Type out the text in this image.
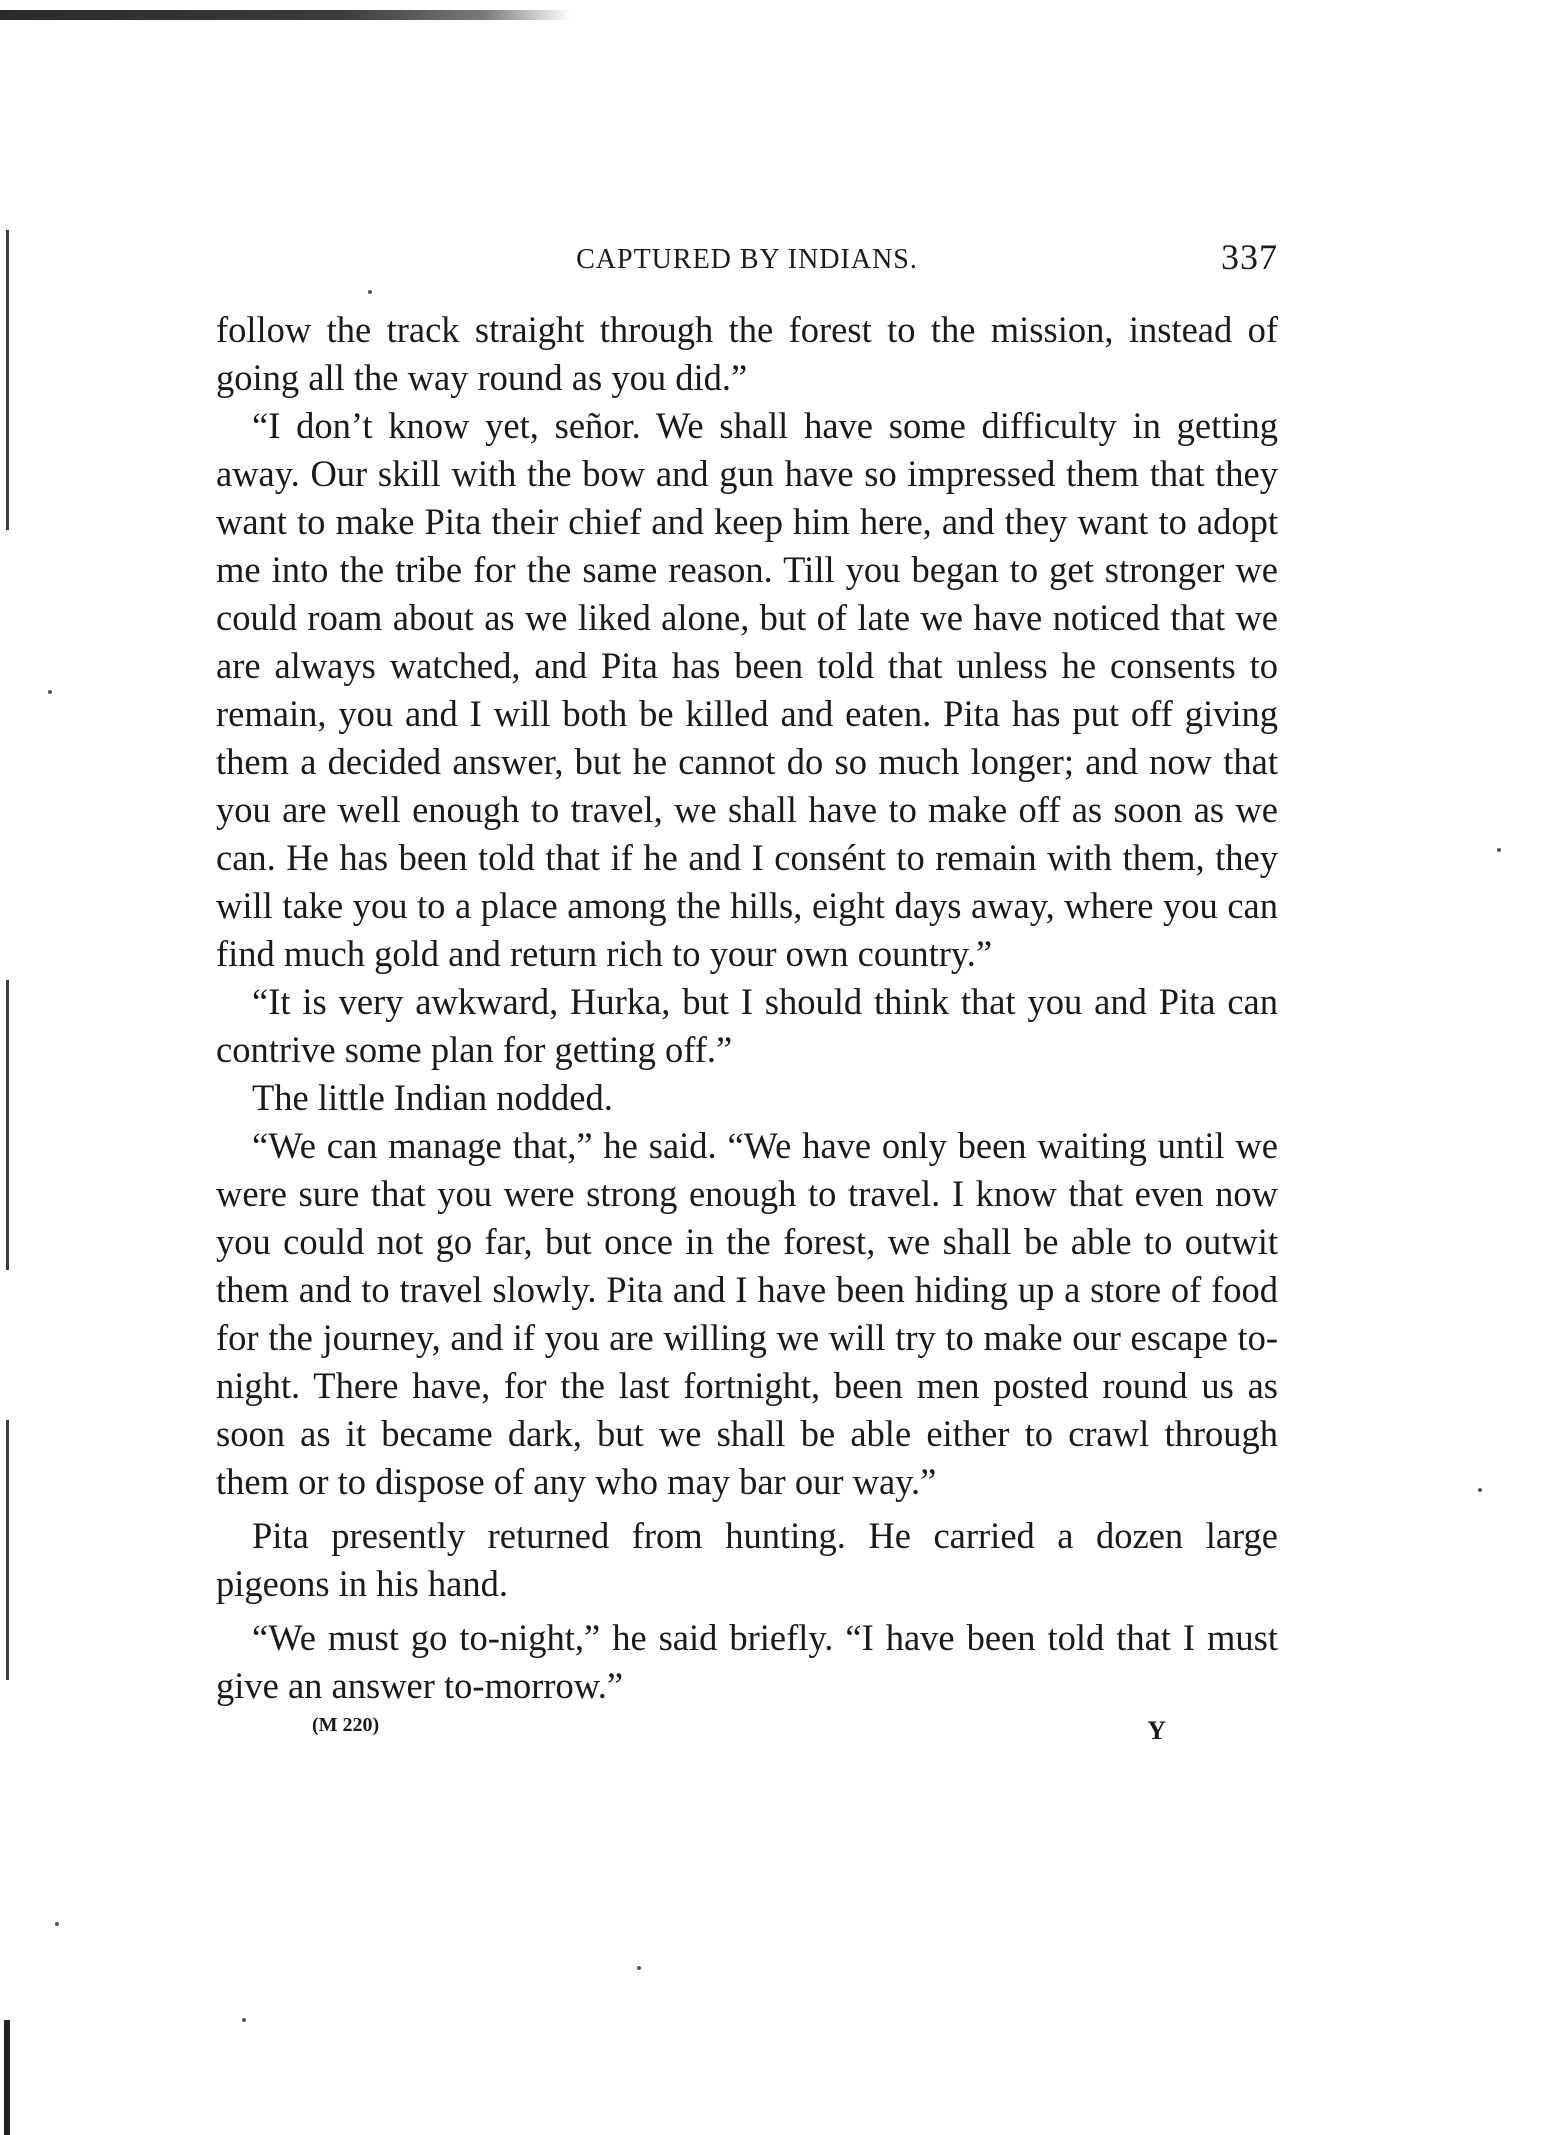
CAPTURED BY INDIANS.	337

follow the track straight through the forest to the mission, instead of going all the way round as you did.”

“I don’t know yet, señor. We shall have some difficulty in getting away. Our skill with the bow and gun have so impressed them that they want to make Pita their chief and keep him here, and they want to adopt me into the tribe for the same reason. Till you began to get stronger we could roam about as we liked alone, but of late we have noticed that we are always watched, and Pita has been told that unless he consents to remain, you and I will both be killed and eaten. Pita has put off giving them a decided answer, but he cannot do so much longer; and now that you are well enough to travel, we shall have to make off as soon as we can. He has been told that if he and I consént to remain with them, they will take you to a place among the hills, eight days away, where you can find much gold and return rich to your own country.”

“It is very awkward, Hurka, but I should think that you and Pita can contrive some plan for getting off.”

The little Indian nodded.

“We can manage that,” he said. “We have only been waiting until we were sure that you were strong enough to travel. I know that even now you could not go far, but once in the forest, we shall be able to outwit them and to travel slowly. Pita and I have been hiding up a store of food for the journey, and if you are willing we will try to make our escape to-night. There have, for the last fortnight, been men posted round us as soon as it became dark, but we shall be able either to crawl through them or to dispose of any who may bar our way.”

Pita presently returned from hunting. He carried a dozen large pigeons in his hand.

“We must go to-night,” he said briefly. “I have been told that I must give an answer to-morrow.”

(M 220)	Y
